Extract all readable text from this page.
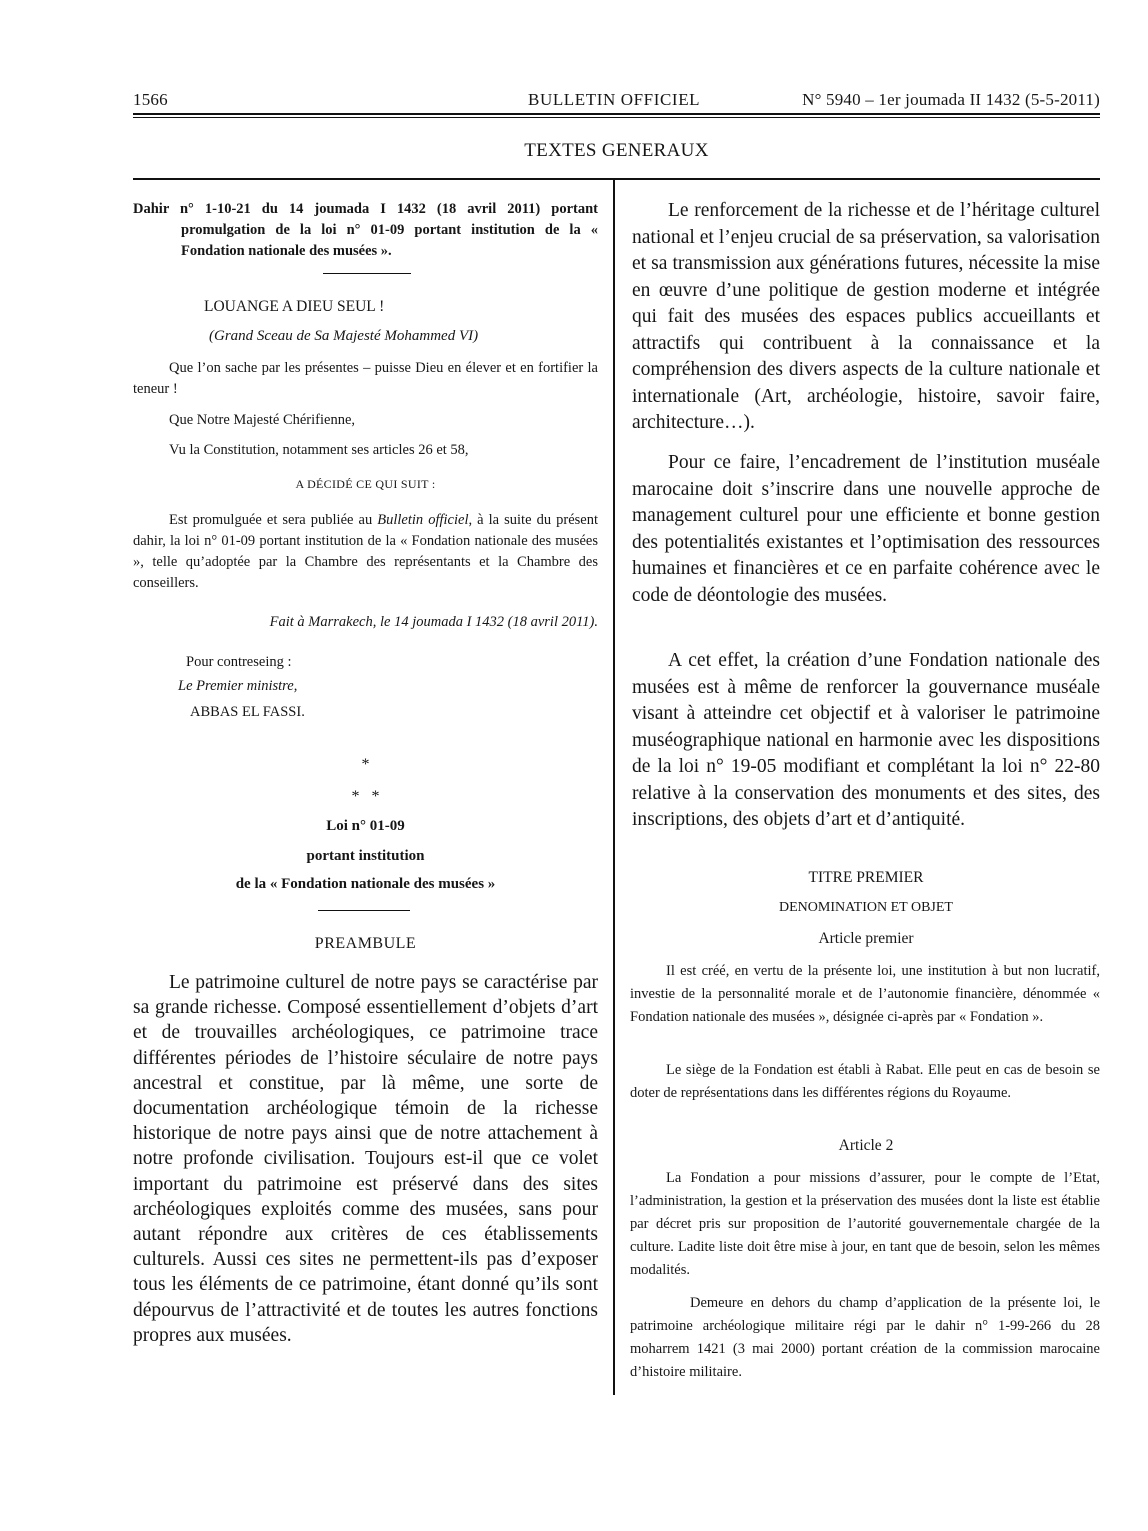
1566	BULLETIN OFFICIEL	N° 5940 – 1er joumada II 1432 (5-5-2011)
TEXTES GENERAUX
Dahir n° 1-10-21 du 14 joumada I 1432 (18 avril 2011) portant promulgation de la loi n° 01-09 portant institution de la « Fondation nationale des musées ».
LOUANGE A DIEU SEUL !
(Grand Sceau de Sa Majesté Mohammed VI)
Que l’on sache par les présentes – puisse Dieu en élever et en fortifier la teneur !
Que Notre Majesté Chérifienne,
Vu la Constitution, notamment ses articles 26 et 58,
A DÉCIDÉ CE QUI SUIT :
Est promulguée et sera publiée au Bulletin officiel, à la suite du présent dahir, la loi n° 01-09 portant institution de la « Fondation nationale des musées », telle qu’adoptée par la Chambre des représentants et la Chambre des conseillers.
Fait à Marrakech, le 14 joumada I 1432 (18 avril 2011).
Pour contreseing :
Le Premier ministre,
ABBAS EL FASSI.
*
*   *
Loi n° 01-09
portant institution
de la « Fondation nationale des musées »
PREAMBULE
Le patrimoine culturel de notre pays se caractérise par sa grande richesse. Composé essentiellement d’objets d’art et de trouvailles archéologiques, ce patrimoine trace différentes périodes de l’histoire séculaire de notre pays ancestral et constitue, par là même, une sorte de documentation archéologique témoin de la richesse historique de notre pays ainsi que de notre attachement à notre profonde civilisation. Toujours est-il que ce volet important du patrimoine est préservé dans des sites archéologiques exploités comme des musées, sans pour autant répondre aux critères de ces établissements culturels. Aussi ces sites ne permettent-ils pas d’exposer tous les éléments de ce patrimoine, étant donné qu’ils sont dépourvus de l’attractivité et de toutes les autres fonctions propres aux musées.
Le renforcement de la richesse et de l’héritage culturel national et l’enjeu crucial de sa préservation, sa valorisation et sa transmission aux générations futures, nécessite la mise en œuvre d’une politique de gestion moderne et intégrée qui fait des musées des espaces publics accueillants et attractifs qui contribuent à la connaissance et la compréhension des divers aspects de la culture nationale et internationale (Art, archéologie, histoire, savoir faire, architecture…).
Pour ce faire, l’encadrement de l’institution muséale marocaine doit s’inscrire dans une nouvelle approche de management culturel pour une efficiente et bonne gestion des potentialités existantes et l’optimisation des ressources humaines et financières et ce en parfaite cohérence avec le code de déontologie des musées.
A cet effet, la création d’une Fondation nationale des musées est à même de renforcer la gouvernance muséale visant à atteindre cet objectif et à valoriser le patrimoine muséographique national en harmonie avec les dispositions de la loi n° 19-05 modifiant et complétant la loi n° 22-80 relative à la conservation des monuments et des sites, des inscriptions, des objets d’art et d’antiquité.
TITRE PREMIER
DENOMINATION ET OBJET
Article premier
Il est créé, en vertu de la présente loi, une institution à but non lucratif, investie de la personnalité morale et de l’autonomie financière, dénommée « Fondation nationale des musées », désignée ci-après par « Fondation ».
Le siège de la Fondation est établi à Rabat. Elle peut en cas de besoin se doter de représentations dans les différentes régions du Royaume.
Article 2
La Fondation a pour missions d’assurer, pour le compte de l’Etat, l’administration, la gestion et la préservation des musées dont la liste est établie par décret pris sur proposition de l’autorité gouvernementale chargée de la culture. Ladite liste doit être mise à jour, en tant que de besoin, selon les mêmes modalités.
Demeure en dehors du champ d’application de la présente loi, le patrimoine archéologique militaire régi par le dahir n° 1-99-266 du 28 moharrem 1421 (3 mai 2000) portant création de la commission marocaine d’histoire militaire.
